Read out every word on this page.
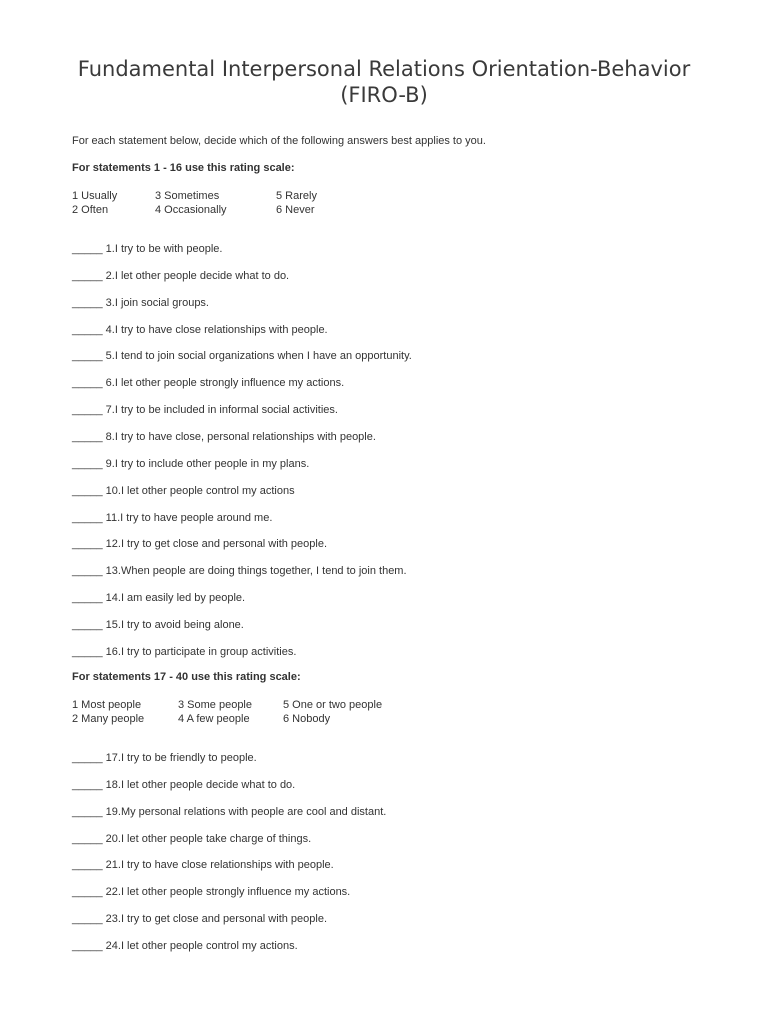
Fundamental Interpersonal Relations Orientation-Behavior
(FIRO-B)
For each statement below, decide which of the following answers best applies to you.
For statements 1 - 16 use this rating scale:
1 Usually
2 Often
3 Sometimes
4 Occasionally
5 Rarely
6 Never
_____ 1.I try to be with people.
_____ 2.I let other people decide what to do.
_____ 3.I join social groups.
_____ 4.I try to have close relationships with people.
_____ 5.I tend to join social organizations when I have an opportunity.
_____ 6.I let other people strongly influence my actions.
_____ 7.I try to be included in informal social activities.
_____ 8.I try to have close, personal relationships with people.
_____ 9.I try to include other people in my plans.
_____ 10.I let other people control my actions
_____ 11.I try to have people around me.
_____ 12.I try to get close and personal with people.
_____ 13.When people are doing things together, I tend to join them.
_____ 14.I am easily led by people.
_____ 15.I try to avoid being alone.
_____ 16.I try to participate in group activities.
For statements 17 - 40 use this rating scale:
1 Most people
2 Many people
3 Some people
4 A few people
5 One or two people
6 Nobody
_____ 17.I try to be friendly to people.
_____ 18.I let other people decide what to do.
_____ 19.My personal relations with people are cool and distant.
_____ 20.I let other people take charge of things.
_____ 21.I try to have close relationships with people.
_____ 22.I let other people strongly influence my actions.
_____ 23.I try to get close and personal with people.
_____ 24.I let other people control my actions.
